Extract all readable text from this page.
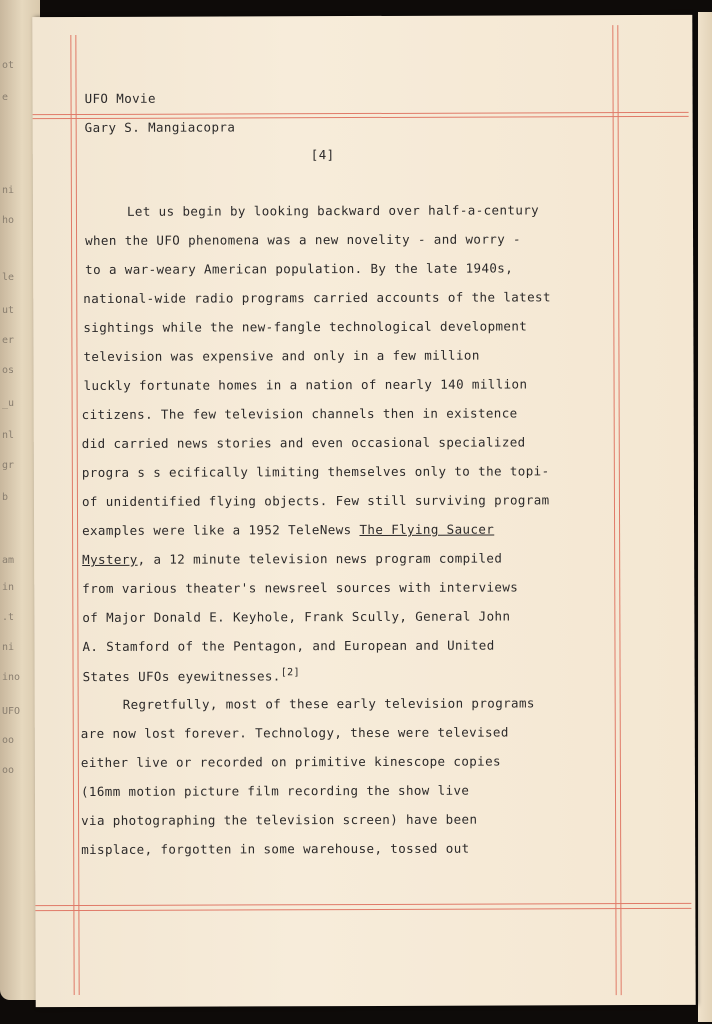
ot
e
ni
ho
le
ut
er
os
_u
nl
gr
b
am
in
.t
ni
ino
UFO
oo
oo
UFO Movie
Gary S. Mangiacopra
[4]
Let us begin by looking backward over half-a-century
when the UFO phenomena was a new novelity - and worry -
to a war-weary American population. By the late 1940s,
national-wide radio programs carried accounts of the latest
sightings while the new-fangle technological development
television was expensive and only in a few million
luckly fortunate homes in a nation of nearly 140 million
citizens. The few television channels then in existence
did carried news stories and even occasional specialized
progra s s ecifically limiting themselves only to the topi-
of unidentified flying objects. Few still surviving program
examples were like a 1952 TeleNews The Flying Saucer
Mystery, a 12 minute television news program compiled
from various theater's newsreel sources with interviews
of Major Donald E. Keyhole, Frank Scully, General John
A. Stamford of the Pentagon, and European and United
States UFOs eyewitnesses.[2]
Regretfully, most of these early television programs
are now lost forever. Technology, these were televised
either live or recorded on primitive kinescope copies
(16mm motion picture film recording the show live
via photographing the television screen) have been
misplace, forgotten in some warehouse, tossed out
